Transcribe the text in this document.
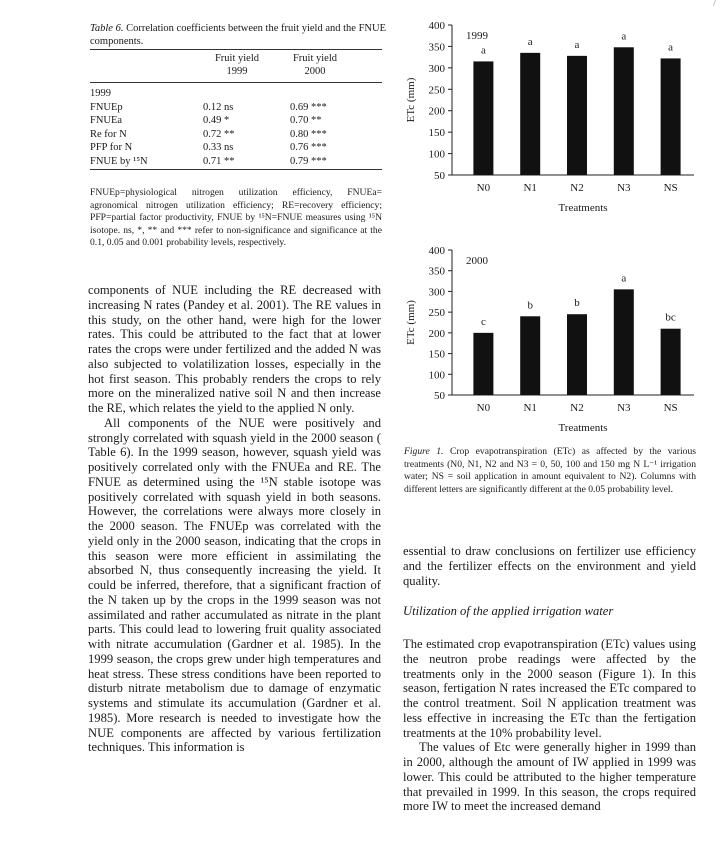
/
Table 6. Correlation coefficients between the fruit yield and the FNUE components.
Fruit yield
1999
Fruit yield
2000
1999
FNUEp	0.12 ns	0.69 ***
FNUEa	0.49 *	0.70 **
Re for N	0.72 **	0.80 ***
PFP for N	0.33 ns	0.76 ***
FNUE by ¹⁵N	0.71 **	0.79 ***
FNUEp=physiological nitrogen utilization efficiency, FNUEa= agronomical nitrogen utilization efficiency; RE=recovery efficiency; PFP=partial factor productivity, FNUE by ¹⁵N=FNUE measures using ¹⁵N isotope. ns, *, ** and *** refer to non-significance and significance at the 0.1, 0.05 and 0.001 probability levels, respectively.

components of NUE including the RE decreased with increasing N rates (Pandey et al. 2001). The RE values in this study, on the other hand, were high for the lower rates. This could be attributed to the fact that at lower rates the crops were under fertilized and the added N was also subjected to volatilization losses, especially in the hot first season. This probably renders the crops to rely more on the mineralized native soil N and then increase the RE, which relates the yield to the applied N only.

All components of the NUE were positively and strongly correlated with squash yield in the 2000 season ( Table 6). In the 1999 season, however, squash yield was positively correlated only with the FNUEa and RE. The FNUE as determined using the ¹⁵N stable isotope was positively correlated with squash yield in both seasons. However, the correlations were always more closely in the 2000 season. The FNUEp was correlated with the yield only in the 2000 season, indicating that the crops in this season were more efficient in assimilating the absorbed N, thus consequently increasing the yield. It could be inferred, therefore, that a significant fraction of the N taken up by the crops in the 1999 season was not assimilated and rather accumulated as nitrate in the plant parts. This could lead to lowering fruit quality associated with nitrate accumulation (Gardner et al. 1985). In the 1999 season, the crops grew under high temperatures and heat stress. These stress conditions have been reported to disturb nitrate metabolism due to damage of enzymatic systems and stimulate its accumulation (Gardner et al. 1985). More research is needed to investigate how the NUE components are affected by various fertilization techniques. This information is

50
100
150
200
250
300
350
400
1999
ETc (mm)
a
N0
a
N1
a
N2
a
N3
a
NS
Treatments
50
100
150
200
250
300
350
400
2000
ETc (mm)	c
N0
b
N1
b
N2
a
N3
bc
NS
Treatments
Figure 1. Crop evapotranspiration (ETc) as affected by the various treatments (N0, N1, N2 and N3 = 0, 50, 100 and 150 mg N L⁻¹ irrigation water; NS = soil application in amount equivalent to N2). Columns with different letters are significantly different at the 0.05 probability level.

essential to draw conclusions on fertilizer use efficiency and the fertilizer effects on the environment and yield quality.

Utilization of the applied irrigation water

The estimated crop evapotranspiration (ETc) values using the neutron probe readings were affected by the treatments only in the 2000 season (Figure 1). In this season, fertigation N rates increased the ETc compared to the control treatment. Soil N application treatment was less effective in increasing the ETc than the fertigation treatments at the 10% probability level.

The values of Etc were generally higher in 1999 than in 2000, although the amount of IW applied in 1999 was lower. This could be attributed to the higher temperature that prevailed in 1999. In this season, the crops required more IW to meet the increased demand
